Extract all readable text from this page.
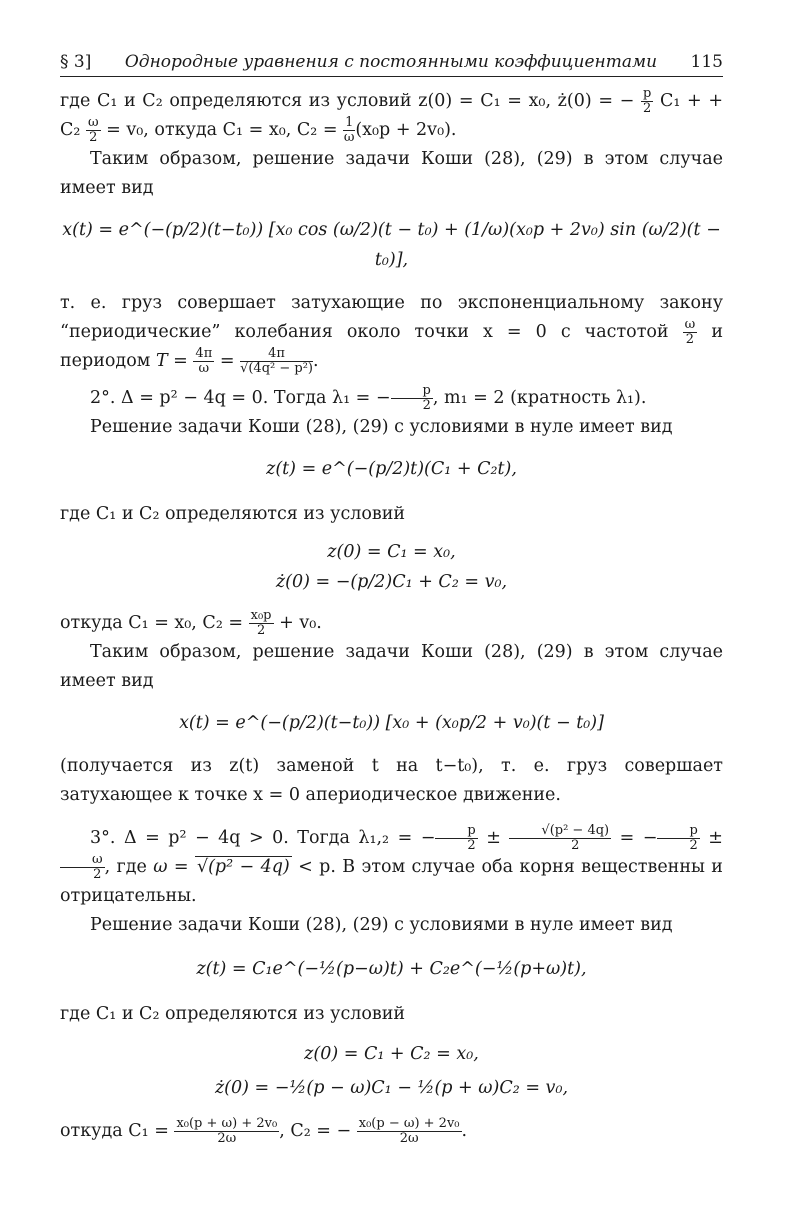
§ 3] Однородные уравнения с постоянными коэффициентами 115

где C₁ и C₂ определяются из условий z(0) = C₁ = x₀, ż(0) = − $\frac{p}{2} C_1$ + + $C_2 \frac{\omega}{2} = v_0$, откуда C₁ = x₀, $C_2 = \frac{1}{\omega} (x_0p + 2v_0)$.

Таким образом, решение задачи Коши (28), (29) в этом случае имеет вид

x(t) = e^(−(p/2)(t−t₀)) [x₀ cos (ω/2)(t − t₀) + (1/ω)(x₀p + 2v₀) sin (ω/2)(t − t₀)],

т. е. груз совершает затухающие по экспоненциальному закону “периодические” колебания около точки x = 0 с частотой $\frac{\omega}{2}$ и периодом $T = \frac{4\pi}{\omega} = \frac{4\pi}{\text{√(4q² − p²)}}$ .

2°. Δ = p² − 4q = 0. Тогда λ₁ = − $\frac{p}{2}$ , m₁ = 2 (кратность λ₁).

Решение задачи Коши (28), (29) с условиями в нуле имеет вид

z(t) = e^(−(p/2)t)(C₁ + C₂t),

где C₁ и C₂ определяются из условий

z(0) = C₁ = x₀,
ż(0) = −(p/2)C₁ + C₂ = v₀,

откуда C₁ = x₀, $C_2 = \frac{\text{x₀p}}{2} + v_0$.

Таким образом, решение задачи Коши (28), (29) в этом случае имеет вид

x(t) = e^(−(p/2)(t−t₀)) [x₀ + (x₀p/2 + v₀)(t − t₀)]

(получается из z(t) заменой t на t−t₀), т. е. груз совершает затухающее к точке x = 0 апериодическое движение.

3°. Δ = p² − 4q > 0. Тогда λ₁,₂ = − $\frac{p}{2} \pm \frac{\text{√(p² − 4q)}}{2}$ = − $\frac{p}{2}$ ±
$\frac{\omega}{2}$ , где ω = √(p² − 4q) < p. В этом случае оба корня вещественны и отрицательны.

Решение задачи Коши (28), (29) с условиями в нуле имеет вид

z(t) = C₁e^(−½(p−ω)t) + C₂e^(−½(p+ω)t),

где C₁ и C₂ определяются из условий

z(0) = C₁ + C₂ = x₀,
ż(0) = −½(p − ω)C₁ − ½(p + ω)C₂ = v₀,

откуда $C_1 = \frac{\text{x₀(p + ω) + 2v₀}}{2\omega}$ , C₂ = − $\frac{\text{x₀(p − ω) + 2v₀}}{2\omega}$ .
